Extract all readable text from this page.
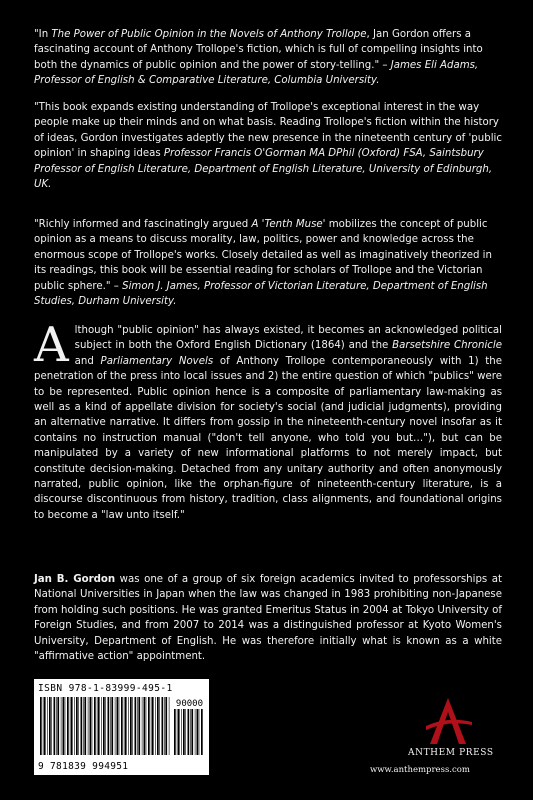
"In The Power of Public Opinion in the Novels of Anthony Trollope, Jan Gordon offers a fascinating account of Anthony Trollope's fiction, which is full of compelling insights into both the dynamics of public opinion and the power of story-telling." – James Eli Adams, Professor of English & Comparative Literature, Columbia University.

"This book expands existing understanding of Trollope's exceptional interest in the way people make up their minds and on what basis. Reading Trollope's fiction within the history of ideas, Gordon investigates adeptly the new presence in the nineteenth century of 'public opinion' in shaping ideas Professor Francis O'Gorman MA DPhil (Oxford) FSA, Saintsbury Professor of English Literature, Department of English Literature, University of Edinburgh, UK.

"Richly informed and fascinatingly argued A 'Tenth Muse' mobilizes the concept of public opinion as a means to discuss morality, law, politics, power and knowledge across the enormous scope of Trollope's works. Closely detailed as well as imaginatively theorized in its readings, this book will be essential reading for scholars of Trollope and the Victorian public sphere." – Simon J. James, Professor of Victorian Literature, Department of English Studies, Durham University.

Although "public opinion" has always existed, it becomes an acknowledged political subject in both the Oxford English Dictionary (1864) and the Barsetshire Chronicle and Parliamentary Novels of Anthony Trollope contemporaneously with 1) the penetration of the press into local issues and 2) the entire question of which "publics" were to be represented. Public opinion hence is a composite of parliamentary law-making as well as a kind of appellate division for society's social (and judicial judgments), providing an alternative narrative. It differs from gossip in the nineteenth-century novel insofar as it contains no instruction manual ("don't tell anyone, who told you but…"), but can be manipulated by a variety of new informational platforms to not merely impact, but constitute decision-making. Detached from any unitary authority and often anonymously narrated, public opinion, like the orphan-figure of nineteenth-century literature, is a discourse discontinuous from history, tradition, class alignments, and foundational origins to become a "law unto itself."

Jan B. Gordon was one of a group of six foreign academics invited to professorships at National Universities in Japan when the law was changed in 1983 prohibiting non-Japanese from holding such positions. He was granted Emeritus Status in 2004 at Tokyo University of Foreign Studies, and from 2007 to 2014 was a distinguished professor at Kyoto Women's University, Department of English. He was therefore initially what is known as a white "affirmative action" appointment.

ISBN 978-1-83999-495-1
90000
9 781839 994951
ANTHEM PRESS
www.anthempress.com
